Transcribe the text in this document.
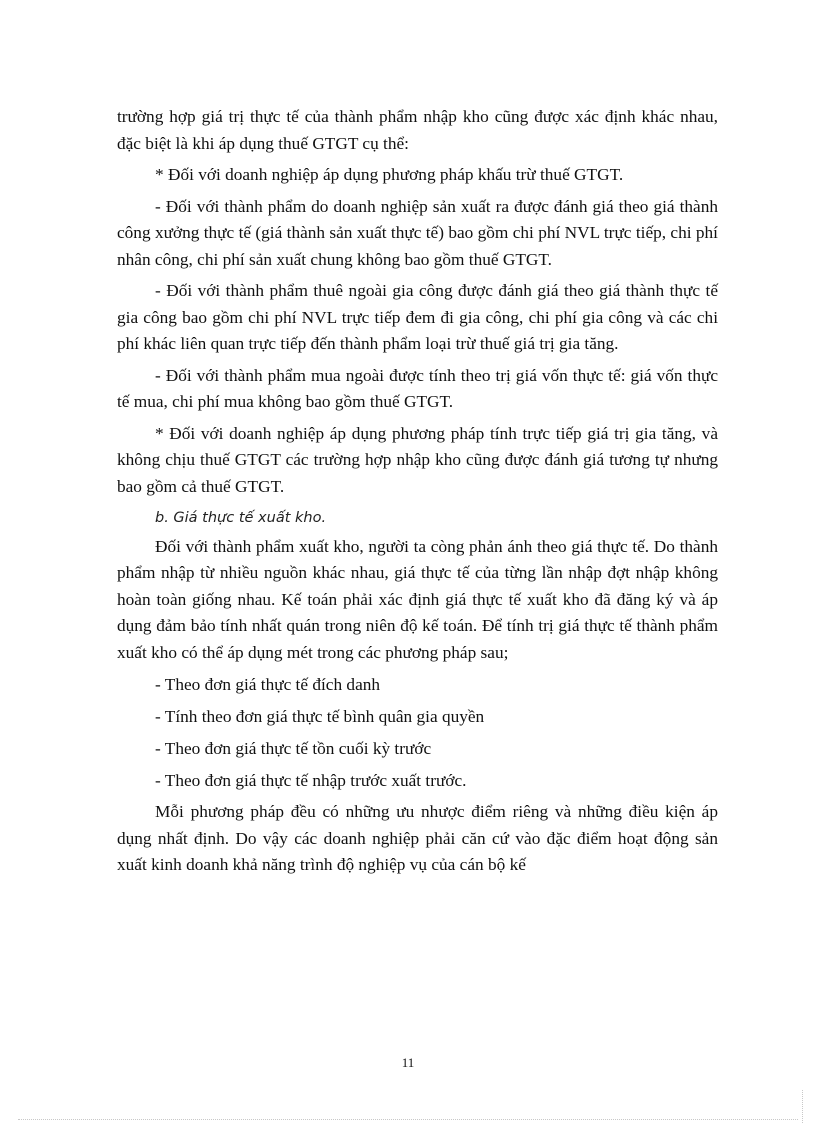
trường hợp giá trị thực tế của thành phẩm nhập kho cũng được xác định khác nhau, đặc biệt là khi áp dụng thuế GTGT cụ thể:

* Đối với doanh nghiệp áp dụng phương pháp khấu trừ thuế GTGT.

- Đối với thành phẩm do doanh nghiệp sản xuất ra được đánh giá theo giá thành công xưởng thực tế (giá thành sản xuất thực tế) bao gồm chi phí NVL trực tiếp, chi phí nhân công, chi phí sản xuất chung không bao gồm thuế GTGT.

- Đối với thành phẩm thuê ngoài gia công được đánh giá theo giá thành thực tế gia công bao gồm chi phí NVL trực tiếp đem đi gia công, chi phí gia công và các chi phí khác liên quan trực tiếp đến thành phẩm loại trừ thuế giá trị gia tăng.

- Đối với thành phẩm mua ngoài được tính theo trị giá vốn thực tế: giá vốn thực tế mua, chi phí mua không bao gồm thuế GTGT.

* Đối với doanh nghiệp áp dụng phương pháp tính trực tiếp giá trị gia tăng, và không chịu thuế GTGT các trường hợp nhập kho cũng được đánh giá tương tự nhưng bao gồm cả thuế GTGT.

b. Giá thực tế xuất kho.

Đối với thành phẩm xuất kho, người ta còng phản ánh theo giá thực tế. Do thành phẩm nhập từ nhiều nguồn khác nhau, giá thực tế của từng lần nhập đợt nhập không hoàn toàn giống nhau. Kế toán phải xác định giá thực tế xuất kho đã đăng ký và áp dụng đảm bảo tính nhất quán trong niên độ kế toán. Để tính trị giá thực tế thành phẩm xuất kho có thể áp dụng mét trong các phương pháp sau;

- Theo đơn giá thực tế đích danh

- Tính theo đơn giá thực tế bình quân gia quyền

- Theo đơn giá thực tế tồn cuối kỳ trước

- Theo đơn giá thực tế nhập trước xuất trước.

Mỗi phương pháp đều có những ưu nhược điểm riêng và những điều kiện áp dụng nhất định. Do vậy các doanh nghiệp phải căn cứ vào đặc điểm hoạt động sản xuất kinh doanh khả năng trình độ nghiệp vụ của cán bộ kế

11
